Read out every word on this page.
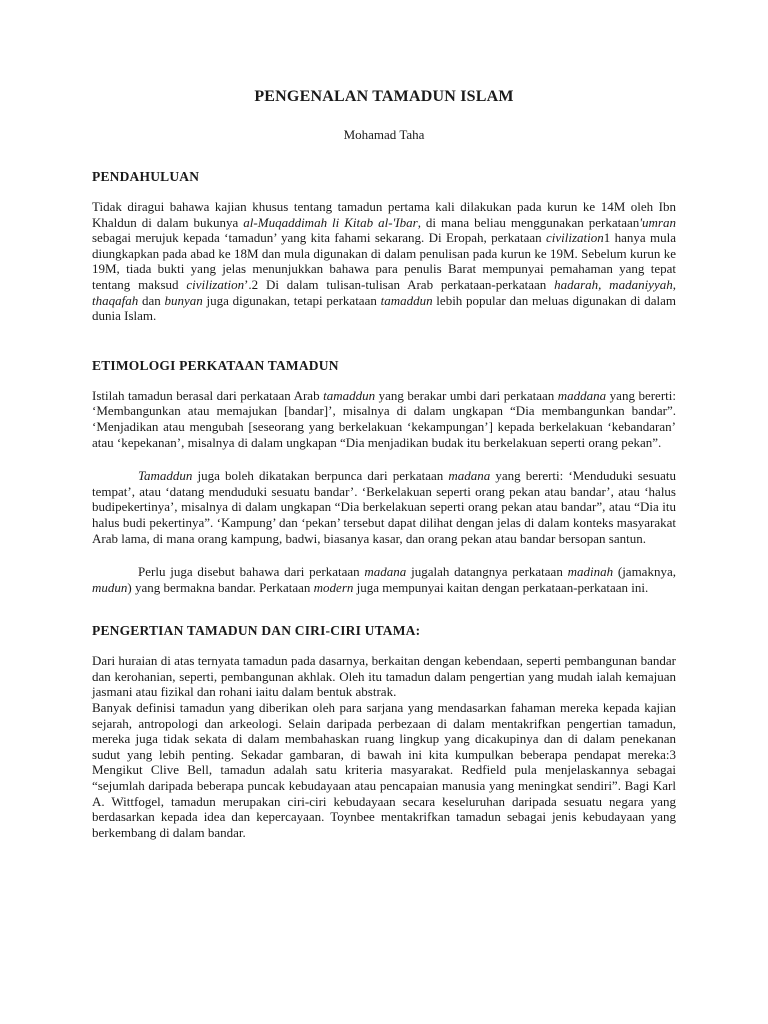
PENGENALAN TAMADUN ISLAM

Mohamad Taha

PENDAHULUAN

Tidak diragui bahawa kajian khusus tentang tamadun pertama kali dilakukan pada kurun ke 14M oleh Ibn Khaldun di dalam bukunya al-Muqaddimah li Kitab al-'Ibar, di mana beliau menggunakan perkataan'umran sebagai merujuk kepada ‘tamadun’ yang kita fahami sekarang. Di Eropah, perkataan civilization1 hanya mula diungkapkan pada abad ke 18M dan mula digunakan di dalam penulisan pada kurun ke 19M. Sebelum kurun ke 19M, tiada bukti yang jelas menunjukkan bahawa para penulis Barat mempunyai pemahaman yang tepat tentang maksud civilization’.2 Di dalam tulisan-tulisan Arab perkataan-perkataan hadarah, madaniyyah, thaqafah dan bunyan juga digunakan, tetapi perkataan tamaddun lebih popular dan meluas digunakan di dalam dunia Islam.

ETIMOLOGI PERKATAAN TAMADUN

Istilah tamadun berasal dari perkataan Arab tamaddun yang berakar umbi dari perkataan maddana yang bererti: ‘Membangunkan atau memajukan [bandar]’, misalnya di dalam ungkapan “Dia membangunkan bandar”. ‘Menjadikan atau mengubah [seseorang yang berkelakuan ‘kekampungan’] kepada berkelakuan ‘kebandaran’ atau ‘kepekanan’, misalnya di dalam ungkapan “Dia menjadikan budak itu berkelakuan seperti orang pekan”.

Tamaddun juga boleh dikatakan berpunca dari perkataan madana yang bererti: ‘Menduduki sesuatu tempat’, atau ‘datang menduduki sesuatu bandar’. ‘Berkelakuan seperti orang pekan atau bandar’, atau ‘halus budipekertinya’, misalnya di dalam ungkapan “Dia berkelakuan seperti orang pekan atau bandar”, atau “Dia itu halus budi pekertinya”. ‘Kampung’ dan ‘pekan’ tersebut dapat dilihat dengan jelas di dalam konteks masyarakat Arab lama, di mana orang kampung, badwi, biasanya kasar, dan orang pekan atau bandar bersopan santun.

Perlu juga disebut bahawa dari perkataan madana jugalah datangnya perkataan madinah (jamaknya, mudun) yang bermakna bandar. Perkataan modern juga mempunyai kaitan dengan perkataan-perkataan ini.

PENGERTIAN TAMADUN DAN CIRI-CIRI UTAMA:

Dari huraian di atas ternyata tamadun pada dasarnya, berkaitan dengan kebendaan, seperti pembangunan bandar dan kerohanian, seperti, pembangunan akhlak. Oleh itu tamadun dalam pengertian yang mudah ialah kemajuan jasmani atau fizikal dan rohani iaitu dalam bentuk abstrak.

Banyak definisi tamadun yang diberikan oleh para sarjana yang mendasarkan fahaman mereka kepada kajian sejarah, antropologi dan arkeologi. Selain daripada perbezaan di dalam mentakrifkan pengertian tamadun, mereka juga tidak sekata di dalam membahaskan ruang lingkup yang dicakupinya dan di dalam penekanan sudut yang lebih penting. Sekadar gambaran, di bawah ini kita kumpulkan beberapa pendapat mereka:3 Mengikut Clive Bell, tamadun adalah satu kriteria masyarakat. Redfield pula menjelaskannya sebagai “sejumlah daripada beberapa puncak kebudayaan atau pencapaian manusia yang meningkat sendiri”. Bagi Karl A. Wittfogel, tamadun merupakan ciri-ciri kebudayaan secara keseluruhan daripada sesuatu negara yang berdasarkan kepada idea dan kepercayaan. Toynbee mentakrifkan tamadun sebagai jenis kebudayaan yang berkembang di dalam bandar.
